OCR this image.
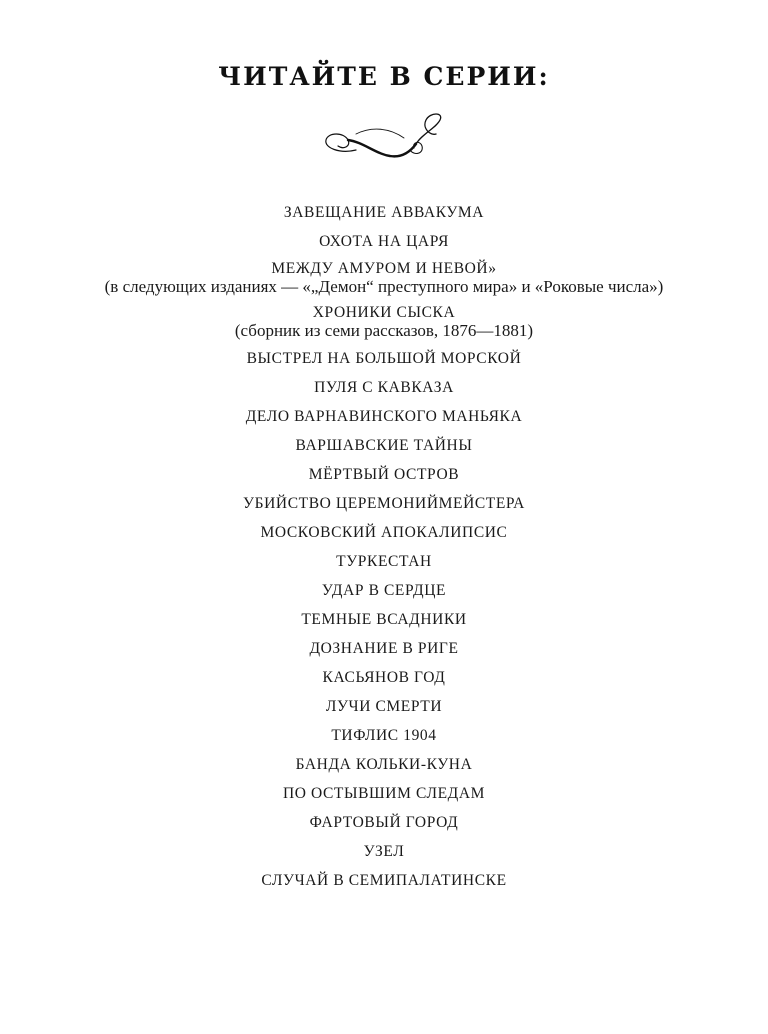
ЧИТАЙТЕ В СЕРИИ:
ЗАВЕЩАНИЕ АВВАКУМА
ОХОТА НА ЦАРЯ
МЕЖДУ АМУРОМ И НЕВОЙ»
(в следующих изданиях — «„Демон“ преступного мира» и «Роковые числа»)
ХРОНИКИ СЫСКА
(сборник из семи рассказов, 1876—1881)
ВЫСТРЕЛ НА БОЛЬШОЙ МОРСКОЙ
ПУЛЯ С КАВКАЗА
ДЕЛО ВАРНАВИНСКОГО МАНЬЯКА
ВАРШАВСКИЕ ТАЙНЫ
МЁРТВЫЙ ОСТРОВ
УБИЙСТВО ЦЕРЕМОНИЙМЕЙСТЕРА
МОСКОВСКИЙ АПОКАЛИПСИС
ТУРКЕСТАН
УДАР В СЕРДЦЕ
ТЕМНЫЕ ВСАДНИКИ
ДОЗНАНИЕ В РИГЕ
КАСЬЯНОВ ГОД
ЛУЧИ СМЕРТИ
ТИФЛИС 1904
БАНДА КОЛЬКИ-КУНА
ПО ОСТЫВШИМ СЛЕДАМ
ФАРТОВЫЙ ГОРОД
УЗЕЛ
СЛУЧАЙ В СЕМИПАЛАТИНСКЕ
